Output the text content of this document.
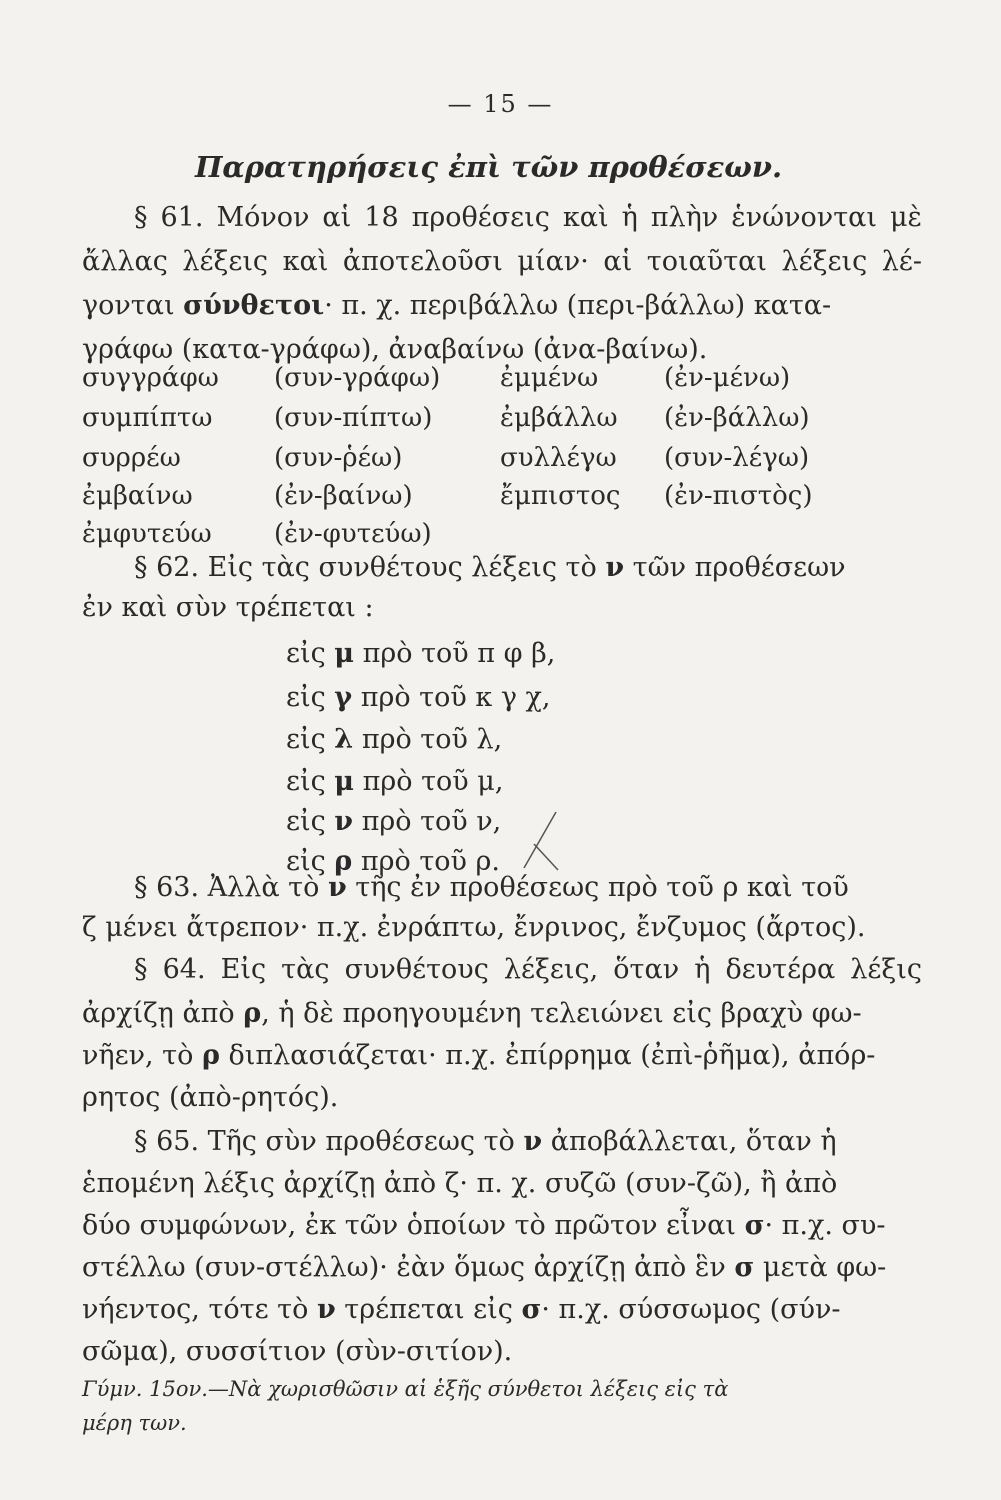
— 15 —
Παρατηρήσεις ἐπὶ τῶν προθέσεων.
§ 61. Μόνον αἱ 18 προθέσεις καὶ ἡ πλὴν ἑνώνονται μὲ
ἄλλας λέξεις καὶ ἀποτελοῦσι μίαν· αἱ τοιαῦται λέξεις λέ-
γονται σύνθετοι· π. χ. περιβάλλω (περι-βάλλω) κατα-
γράφω (κατα-γράφω), ἀναβαίνω (ἀνα-βαίνω).
συγγράφω (συν-γράφω) ἐμμένω	(ἐν-μένω)
συμπίπτω (συν-πίπτω)	ἐμβάλλω (ἐν-βάλλω)
συρρέω	(συν-ῥέω)	συλλέγω (συν-λέγω)
ἐμβαίνω	(ἐν-βαίνω)	ἔμπιστος (ἐν-πιστὸς)
ἐμφυτεύω (ἐν-φυτεύω)
§ 62. Εἰς τὰς συνθέτους λέξεις τὸ ν τῶν προθέσεων
ἐν καὶ σὺν τρέπεται :
εἰς μ πρὸ τοῦ π φ β,
εἰς γ πρὸ τοῦ κ γ χ,
εἰς λ πρὸ τοῦ λ,
εἰς μ πρὸ τοῦ μ,
εἰς ν πρὸ τοῦ ν,
εἰς ρ πρὸ τοῦ ρ.
§ 63. Ἀλλὰ τὸ ν τῆς ἐν προθέσεως πρὸ τοῦ ρ καὶ τοῦ
ζ μένει ἄτρεπον· π.χ. ἐνράπτω, ἔνρινος, ἔνζυμος (ἄρτος).
§ 64. Εἰς τὰς συνθέτους λέξεις, ὅταν ἡ δευτέρα λέξις
ἀρχίζῃ ἀπὸ ρ, ἡ δὲ προηγουμένη τελειώνει εἰς βραχὺ φω-
νῆεν, τὸ ρ διπλασιάζεται· π.χ. ἐπίρρημα (ἐπὶ-ῥῆμα), ἀπόρ-
ρητος (ἀπὸ-ρητός).
§ 65. Τῆς σὺν προθέσεως τὸ ν ἀποβάλλεται, ὅταν ἡ
ἑπομένη λέξις ἀρχίζῃ ἀπὸ ζ· π. χ. συζῶ (συν-ζῶ), ἢ ἀπὸ
δύο συμφώνων, ἐκ τῶν ὁποίων τὸ πρῶτον εἶναι σ· π.χ. συ-
στέλλω (συν-στέλλω)· ἐὰν ὅμως ἀρχίζῃ ἀπὸ ἓν σ μετὰ φω-
νήεντος, τότε τὸ ν τρέπεται εἰς σ· π.χ. σύσσωμος (σύν-
σῶμα), συσσίτιον (σὺν-σιτίον).
Γύμν. 15ον.—Νὰ χωρισθῶσιν αἱ ἑξῆς σύνθετοι λέξεις εἰς τὰ
μέρη των.
